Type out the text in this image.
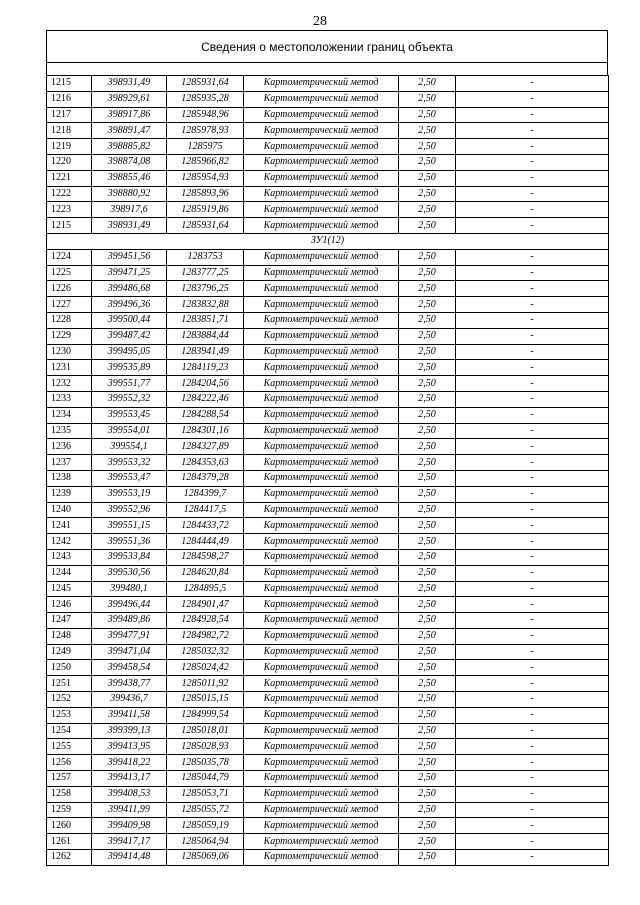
28
Сведения о местоположении границ объекта
1215	398931,49	1285931,64	Картометрический метод	2,50	-
1216	398929,61	1285935,28	Картометрический метод	2,50	-
1217	398917,86	1285948,96	Картометрический метод	2,50	-
1218	398891,47	1285978,93	Картометрический метод	2,50	-
1219	398885,82	1285975	Картометрический метод	2,50	-
1220	398874,08	1285966,82	Картометрический метод	2,50	-
1221	398855,46	1285954,93	Картометрический метод	2,50	-
1222	398880,92	1285893,96	Картометрический метод	2,50	-
1223	398917,6	1285919,86	Картометрический метод	2,50	-
1215	398931,49	1285931,64	Картометрический метод	2,50	-
ЗУ1(12)					
1224	399451,56	1283753	Картометрический метод	2,50	-
1225	399471,25	1283777,25	Картометрический метод	2,50	-
1226	399486,68	1283796,25	Картометрический метод	2,50	-
1227	399496,36	1283832,88	Картометрический метод	2,50	-
1228	399500,44	1283851,71	Картометрический метод	2,50	-
1229	399487,42	1283884,44	Картометрический метод	2,50	-
1230	399495,05	1283941,49	Картометрический метод	2,50	-
1231	399535,89	1284119,23	Картометрический метод	2,50	-
1232	399551,77	1284204,56	Картометрический метод	2,50	-
1233	399552,32	1284222,46	Картометрический метод	2,50	-
1234	399553,45	1284288,54	Картометрический метод	2,50	-
1235	399554,01	1284301,16	Картометрический метод	2,50	-
1236	399554,1	1284327,89	Картометрический метод	2,50	-
1237	399553,32	1284353,63	Картометрический метод	2,50	-
1238	399553,47	1284379,28	Картометрический метод	2,50	-
1239	399553,19	1284399,7	Картометрический метод	2,50	-
1240	399552,96	1284417,5	Картометрический метод	2,50	-
1241	399551,15	1284433,72	Картометрический метод	2,50	-
1242	399551,36	1284444,49	Картометрический метод	2,50	-
1243	399533,84	1284598,27	Картометрический метод	2,50	-
1244	399530,56	1284620,84	Картометрический метод	2,50	-
1245	399480,1	1284895,5	Картометрический метод	2,50	-
1246	399496,44	1284901,47	Картометрический метод	2,50	-
1247	399489,86	1284928,54	Картометрический метод	2,50	-
1248	399477,91	1284982,72	Картометрический метод	2,50	-
1249	399471,04	1285032,32	Картометрический метод	2,50	-
1250	399458,54	1285024,42	Картометрический метод	2,50	-
1251	399438,77	1285011,92	Картометрический метод	2,50	-
1252	399436,7	1285015,15	Картометрический метод	2,50	-
1253	399411,58	1284999,54	Картометрический метод	2,50	-
1254	399399,13	1285018,01	Картометрический метод	2,50	-
1255	399413,95	1285028,93	Картометрический метод	2,50	-
1256	399418,22	1285035,78	Картометрический метод	2,50	-
1257	399413,17	1285044,79	Картометрический метод	2,50	-
1258	399408,53	1285053,71	Картометрический метод	2,50	-
1259	399411,99	1285055,72	Картометрический метод	2,50	-
1260	399409,98	1285059,19	Картометрический метод	2,50	-
1261	399417,17	1285064,94	Картометрический метод	2,50	-
1262	399414,48	1285069,06	Картометрический метод	2,50	-
